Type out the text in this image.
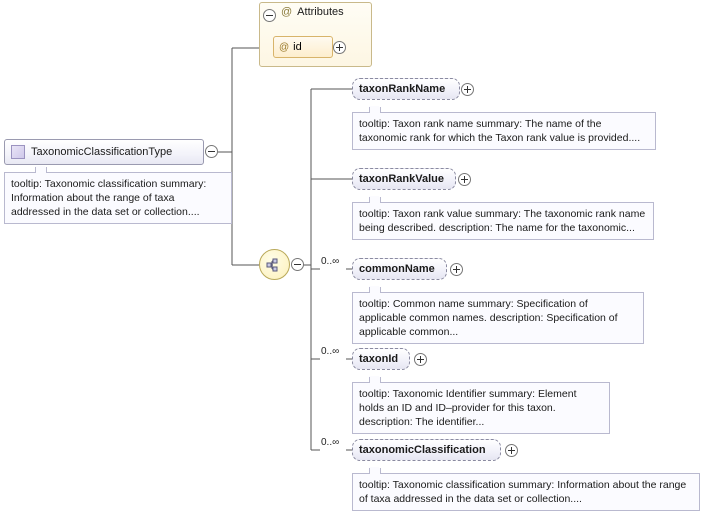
TaxonomicClassificationType
tooltip: Taxonomic classification summary: Information about the range of taxa addressed in the data set or collection....
@ Attributes
@ id
taxonRankName
tooltip: Taxon rank name summary: The name of the taxonomic rank for which the Taxon rank value is provided....
taxonRankValue
tooltip: Taxon rank value summary: The taxonomic rank name being described. description: The name for the taxonomic...
0..∞
commonName
tooltip: Common name summary: Specification of applicable common names. description: Specification of applicable common...
0..∞
taxonId
tooltip: Taxonomic Identifier summary: Element holds an ID and ID–provider for this taxon. description: The identifier...
0..∞
taxonomicClassification
tooltip: Taxonomic classification summary: Information about the range of taxa addressed in the data set or collection....
